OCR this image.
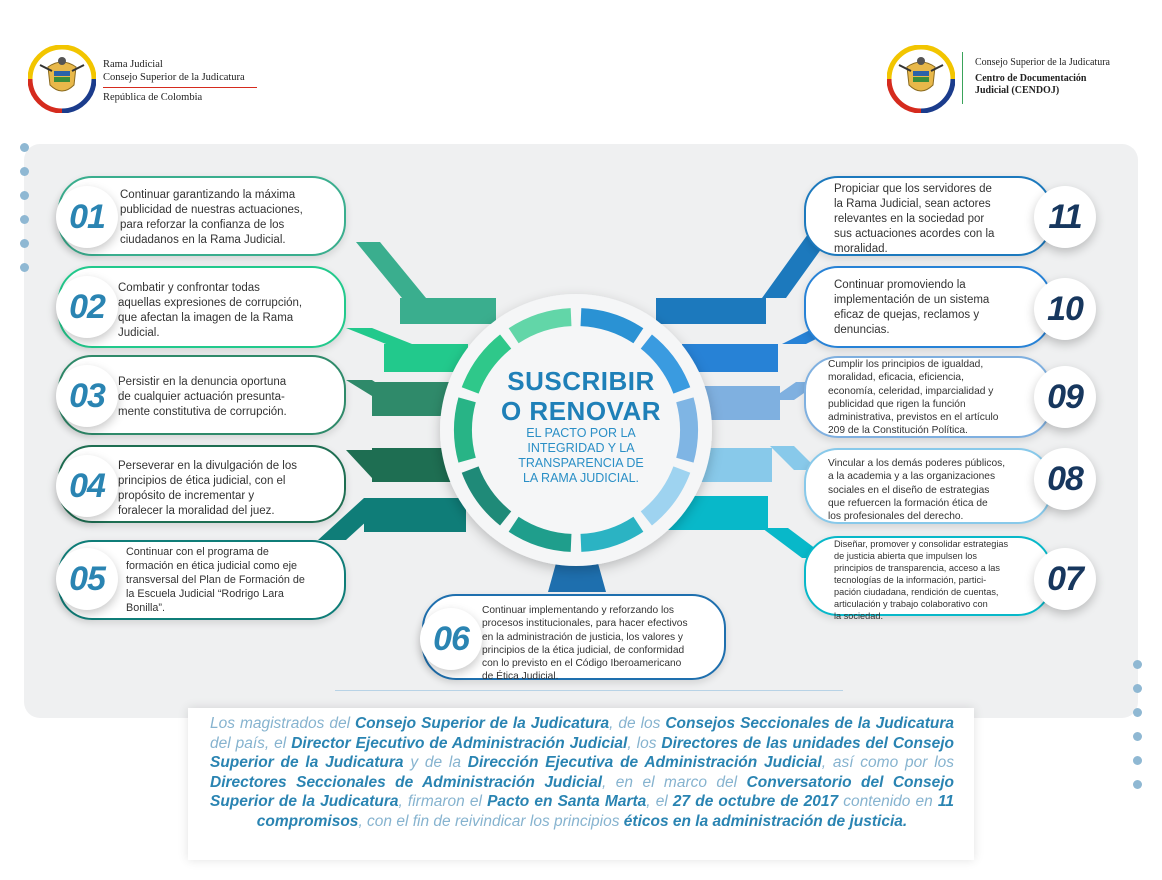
Rama Judicial
Consejo Superior de la Judicatura
República de Colombia
Consejo Superior de la Judicatura
Centro de Documentación
Judicial (CENDOJ)
SUSCRIBIR
O RENOVAR
EL PACTO POR LA
INTEGRIDAD Y LA
TRANSPARENCIA DE
LA RAMA JUDICIAL.
Continuar garantizando la máxima
publicidad de nuestras actuaciones,
para reforzar la confianza de los
ciudadanos en la Rama Judicial.
01
Combatir y confrontar todas
aquellas expresiones de corrupción,
que afectan la imagen de la Rama
Judicial.
02
Persistir en la denuncia oportuna
de cualquier actuación presunta-
mente constitutiva de corrupción.
03
Perseverar en la divulgación de los
principios de ética judicial, con el
propósito de incrementar y
foralecer la moralidad del juez.
04
Continuar con el programa de
formación en ética judicial como eje
transversal del Plan de Formación de
la Escuela Judicial “Rodrigo Lara
Bonilla”.
05
Continuar implementando y reforzando los
procesos institucionales, para hacer efectivos
en la administración de justicia, los valores y
principios de la ética judicial, de conformidad
con lo previsto en el Código Iberoamericano
de Ética Judicial.
06
Diseñar, promover y consolidar estrategias
de justicia abierta que impulsen los
principios de transparencia, acceso a las
tecnologías de la información, partici-
pación ciudadana, rendición de cuentas,
articulación y trabajo colaborativo con
la sociedad.
07
Vincular a los demás poderes públicos,
a la academia y a las organizaciones
sociales en el diseño de estrategias
que refuercen la formación ética de
los profesionales del derecho.
08
Cumplir los principios de igualdad,
moralidad, eficacia, eficiencia,
economía, celeridad, imparcialidad y
publicidad que rigen la función
administrativa, previstos en el artículo
209 de la Constitución Política.
09
Continuar promoviendo la
implementación de un sistema
eficaz de quejas, reclamos y
denuncias.
10
Propiciar que los servidores de
la Rama Judicial, sean actores
relevantes en la sociedad por
sus actuaciones acordes con la
moralidad.
11

Los magistrados del Consejo Superior de la Judicatura, de los Consejos Seccionales de la Judicatura del país, el Director Ejecutivo de Administración Judicial, los Directores de las unidades del Consejo Superior de la Judicatura y de la Dirección Ejecutiva de Administración Judicial, así como por los Directores Seccionales de Administración Judicial, en el marco del Conversatorio del Consejo Superior de la Judicatura, firmaron el Pacto en Santa Marta, el 27 de octubre de 2017 contenido en 11 compromisos, con el fin de reivindicar los principios éticos en la administración de justicia.
